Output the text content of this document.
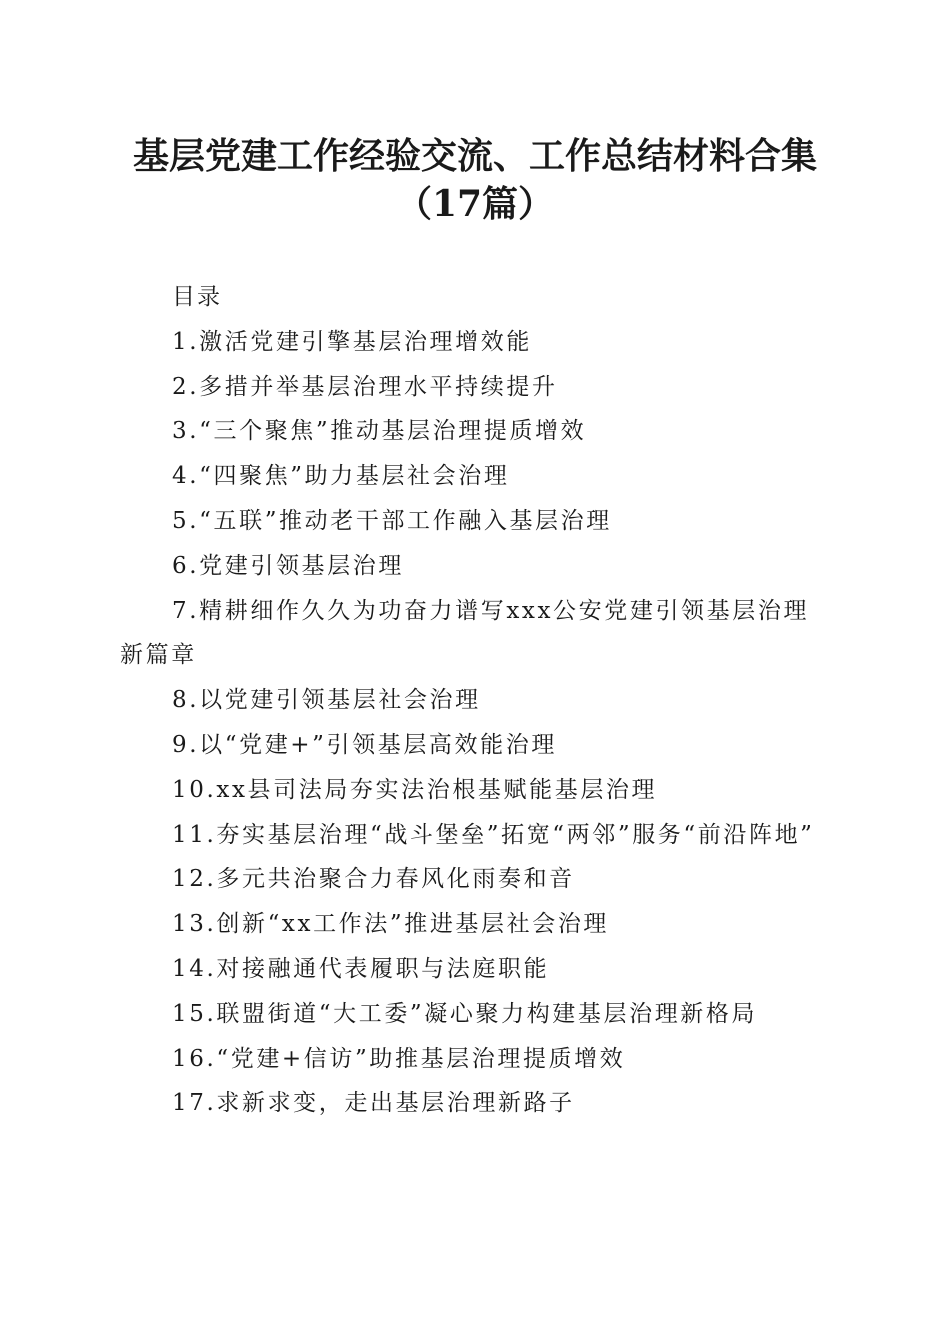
基层党建工作经验交流、工作总结材料合集
（17篇）
目录
1.激活党建引擎基层治理增效能
2.多措并举基层治理水平持续提升
3.“三个聚焦”推动基层治理提质增效
4.“四聚焦”助力基层社会治理
5.“五联”推动老干部工作融入基层治理
6.党建引领基层治理
7.精耕细作久久为功奋力谱写xxx公安党建引领基层治理新篇章
8.以党建引领基层社会治理
9.以“党建+”引领基层高效能治理
10.xx县司法局夯实法治根基赋能基层治理
11.夯实基层治理“战斗堡垒”拓宽“两邻”服务“前沿阵地”
12.多元共治聚合力春风化雨奏和音
13.创新“xx工作法”推进基层社会治理
14.对接融通代表履职与法庭职能
15.联盟街道“大工委”凝心聚力构建基层治理新格局
16.“党建+信访”助推基层治理提质增效
17.求新求变，走出基层治理新路子
